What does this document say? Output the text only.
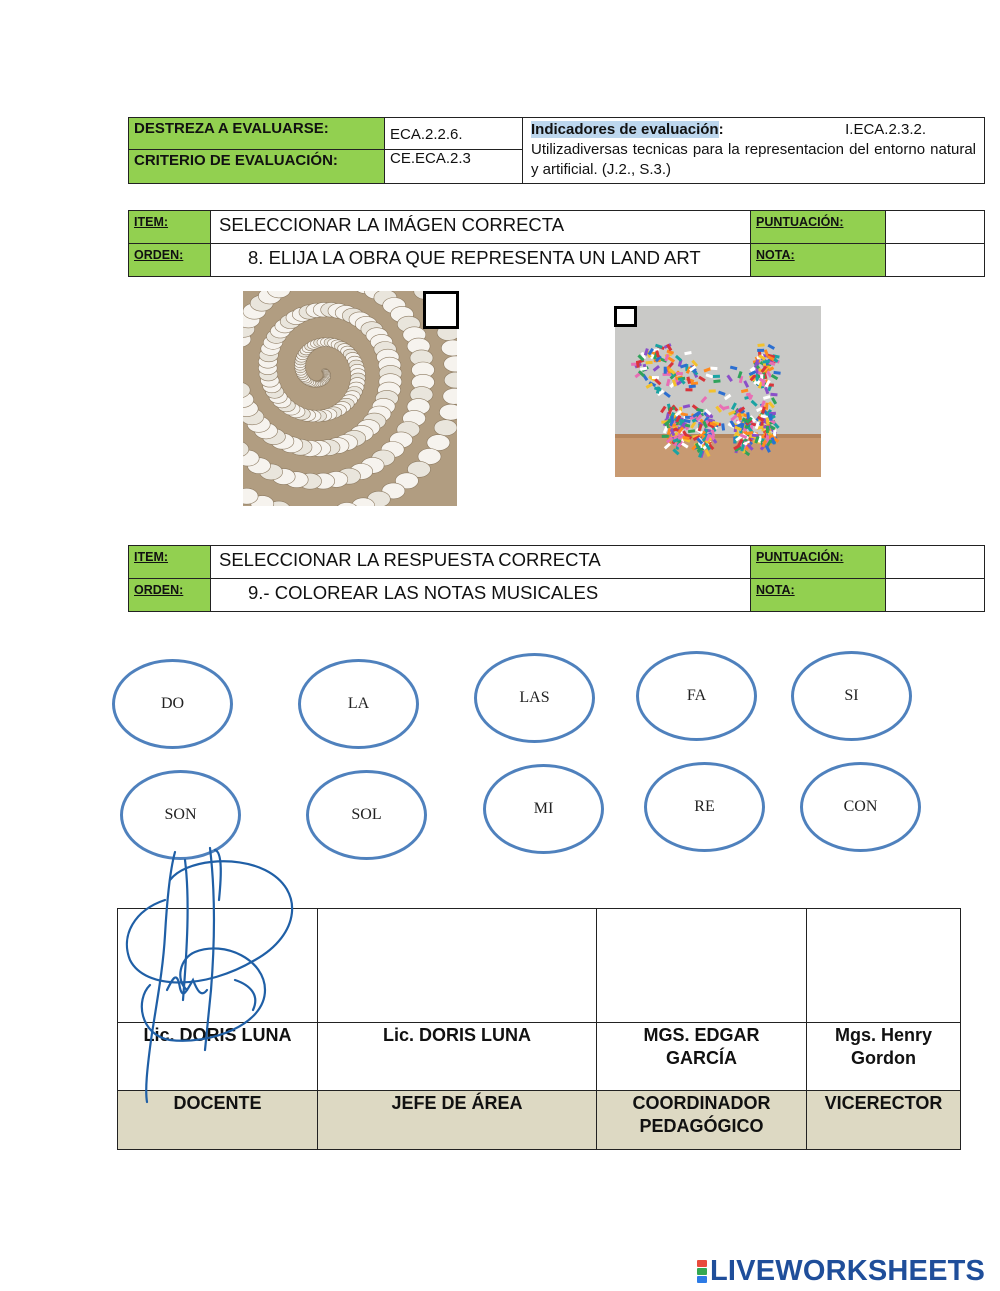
DESTREZA A EVALUARSE:	ECA.2.2.6.	Indicadores de evaluación: I.ECA.2.3.2.

Utilizadiversas tecnicas para la representacion del entorno natural y artificial. (J.2., S.3.)
CRITERIO DE EVALUACIÓN:	CE.ECA.2.3	
ITEM:	SELECCIONAR LA IMÁGEN CORRECTA	PUNTUACIÓN:	
ORDEN:	8. ELIJA LA OBRA QUE REPRESENTA UN LAND ART	NOTA:	
ITEM:	SELECCIONAR LA RESPUESTA CORRECTA	PUNTUACIÓN:	
ORDEN:	9.- COLOREAR LAS NOTAS MUSICALES	NOTA:	
DO	LA	LAS	FA	SI
SON	SOL	MI	RE	CON

Lic. DORIS LUNA	Lic. DORIS LUNA	MGS. EDGAR GARCÍA	Mgs. Henry Gordon
DOCENTE	JEFE DE ÁREA	COORDINADOR PEDAGÓGICO	VICERECTOR
LIVEWORKSHEETS
